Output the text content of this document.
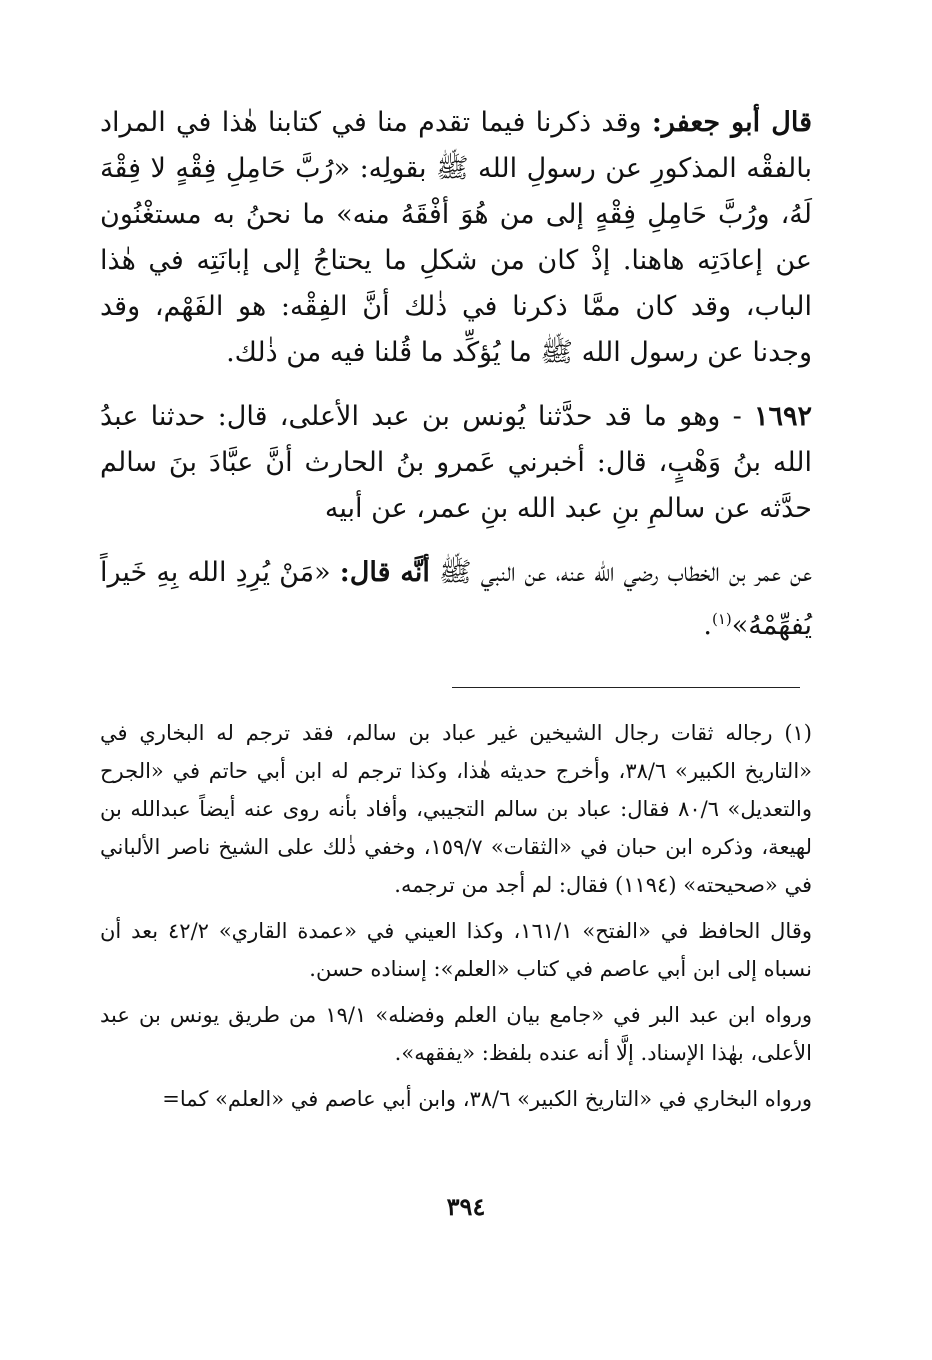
قال أبو جعفر: وقد ذكرنا فيما تقدم منا في كتابنا هٰذا في المراد بالفقْه المذكورِ عن رسولِ الله ﷺ بقولِه: «رُبَّ حَامِلِ فِقْهٍ لا فِقْهَ لَهُ، ورُبَّ حَامِلِ فِقْهٍ إلى من هُوَ أفْقَهُ منه» ما نحنُ به مستغْنُون عن إعادَتِه هاهنا. إذْ كان من شكلِ ما يحتاجُ إلى إبانَتِه في هٰذا الباب، وقد كان ممَّا ذكرنا في ذٰلك أنَّ الفِقْه: هو الفَهْم، وقد وجدنا عن رسول الله ﷺ ما يُؤكِّد ما قُلنا فيه من ذٰلك.

١٦٩٢ - وهو ما قد حدَّثنا يُونس بن عبد الأعلى، قال: حدثنا عبدُ الله بنُ وَهْبٍ، قال: أخبرني عَمرو بنُ الحارث أنَّ عبَّادَ بنَ سالم حدَّثه عن سالمِ بنِ عبد الله بنِ عمر، عن أبيه

عن عمر بن الخطاب رضي الله عنه، عن النبي ﷺ أنَّه قال: «مَنْ يُرِدِ الله بِهِ خَيراً يُفهِّمْهُ»$^{(١)}$.

(١) رجاله ثقات رجال الشيخين غير عباد بن سالم، فقد ترجم له البخاري في «التاريخ الكبير» ٣٨/٦، وأخرج حديثه هٰذا، وكذا ترجم له ابن أبي حاتم في «الجرح والتعديل» ٨٠/٦ فقال: عباد بن سالم التجيبي، وأفاد بأنه روى عنه أيضاً عبدالله بن لهيعة، وذكره ابن حبان في «الثقات» ١٥٩/٧، وخفي ذٰلك على الشيخ ناصر الألباني في «صحيحته» (١١٩٤) فقال: لم أجد من ترجمه.

وقال الحافظ في «الفتح» ١٦١/١، وكذا العيني في «عمدة القاري» ٤٢/٢ بعد أن نسباه إلى ابن أبي عاصم في كتاب «العلم»: إسناده حسن.

ورواه ابن عبد البر في «جامع بيان العلم وفضله» ١٩/١ من طريق يونس بن عبد الأعلى، بهٰذا الإسناد. إلَّا أنه عنده بلفظ: «يفقهه».

ورواه البخاري في «التاريخ الكبير» ٣٨/٦، وابن أبي عاصم في «العلم» كما=

٣٩٤
